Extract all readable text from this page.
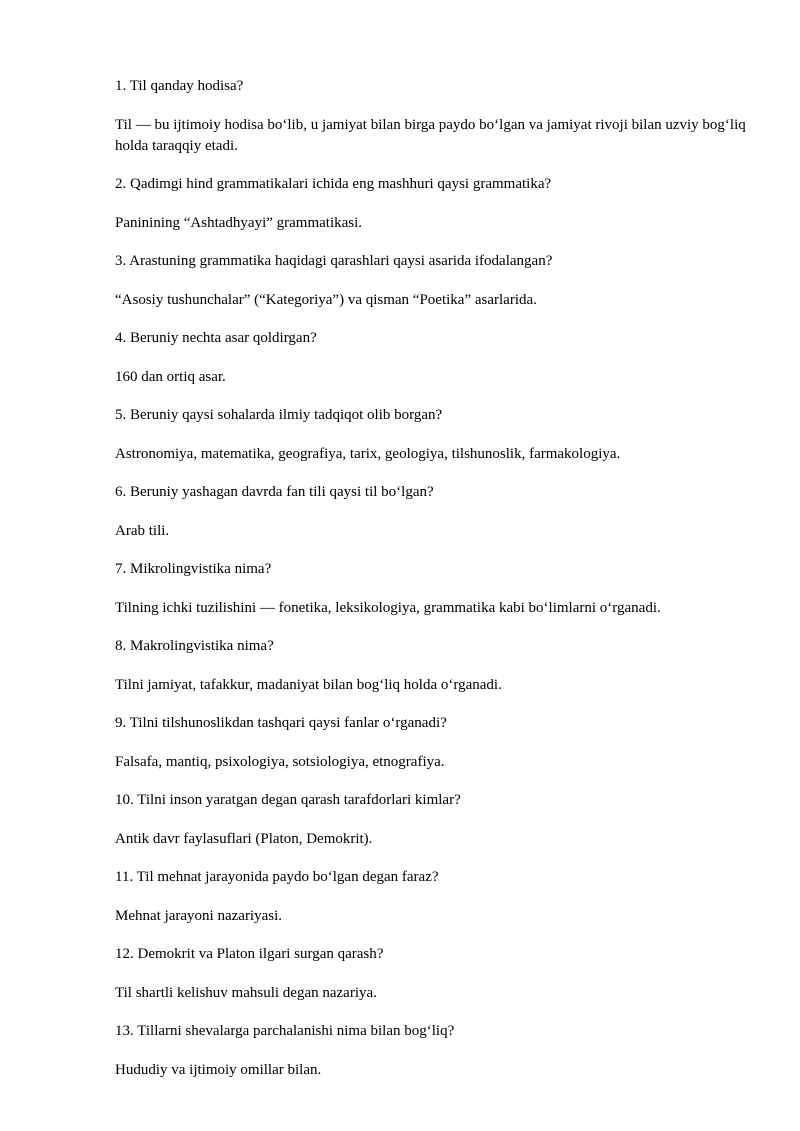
1. Til qanday hodisa?

Til — bu ijtimoiy hodisa bo‘lib, u jamiyat bilan birga paydo bo‘lgan va jamiyat rivoji bilan uzviy bog‘liq holda taraqqiy etadi.

2. Qadimgi hind grammatikalari ichida eng mashhuri qaysi grammatika?

Paninining “Ashtadhyayi” grammatikasi.

3. Arastuning grammatika haqidagi qarashlari qaysi asarida ifodalangan?

“Asosiy tushunchalar” (“Kategoriya”) va qisman “Poetika” asarlarida.

4. Beruniy nechta asar qoldirgan?

160 dan ortiq asar.

5. Beruniy qaysi sohalarda ilmiy tadqiqot olib borgan?

Astronomiya, matematika, geografiya, tarix, geologiya, tilshunoslik, farmakologiya.

6. Beruniy yashagan davrda fan tili qaysi til bo‘lgan?

Arab tili.

7. Mikrolingvistika nima?

Tilning ichki tuzilishini — fonetika, leksikologiya, grammatika kabi bo‘limlarni o‘rganadi.

8. Makrolingvistika nima?

Tilni jamiyat, tafakkur, madaniyat bilan bog‘liq holda o‘rganadi.

9. Tilni tilshunoslikdan tashqari qaysi fanlar o‘rganadi?

Falsafa, mantiq, psixologiya, sotsiologiya, etnografiya.

10. Tilni inson yaratgan degan qarash tarafdorlari kimlar?

Antik davr faylasuflari (Platon, Demokrit).

11. Til mehnat jarayonida paydo bo‘lgan degan faraz?

Mehnat jarayoni nazariyasi.

12. Demokrit va Platon ilgari surgan qarash?

Til shartli kelishuv mahsuli degan nazariya.

13. Tillarni shevalarga parchalanishi nima bilan bog‘liq?

Hududiy va ijtimoiy omillar bilan.
